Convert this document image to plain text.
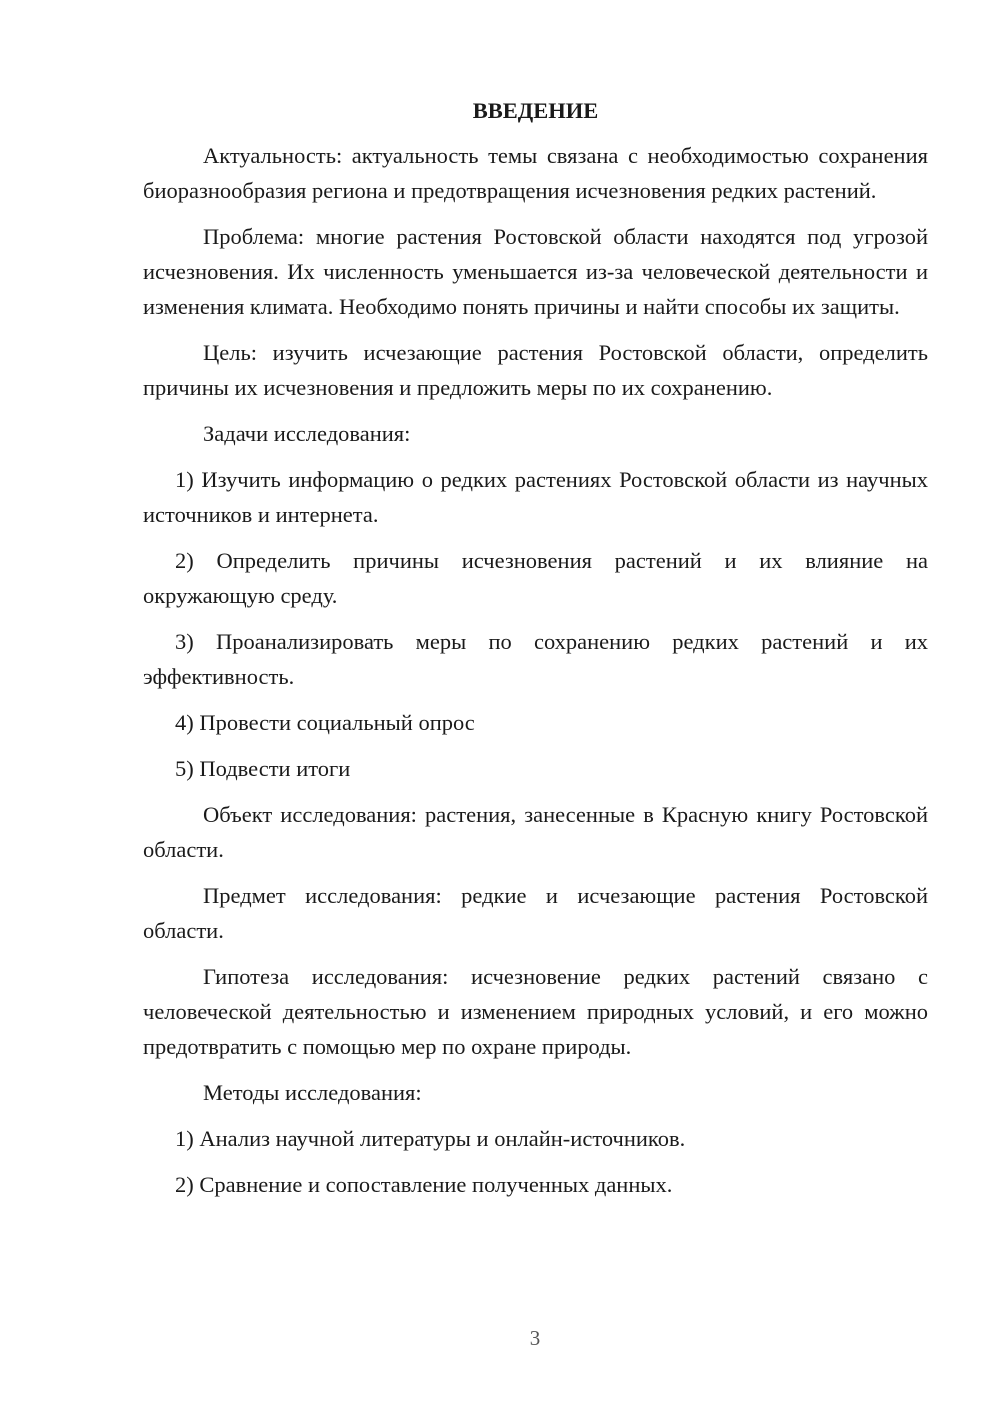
ВВЕДЕНИЕ

Актуальность: актуальность темы связана с необходимостью сохранения биоразнообразия региона и предотвращения исчезновения редких растений.

Проблема: многие растения Ростовской области находятся под угрозой исчезновения. Их численность уменьшается из-за человеческой деятельности и изменения климата. Необходимо понять причины и найти способы их защиты.

Цель: изучить исчезающие растения Ростовской области, определить причины их исчезновения и предложить меры по их сохранению.

Задачи исследования:

1) Изучить информацию о редких растениях Ростовской области из научных источников и интернета.

2) Определить причины исчезновения растений и их влияние на окружающую среду.

3) Проанализировать меры по сохранению редких растений и их эффективность.

4) Провести социальный опрос

5) Подвести итоги

Объект исследования: растения, занесенные в Красную книгу Ростовской области.

Предмет исследования: редкие и исчезающие растения Ростовской области.

Гипотеза исследования: исчезновение редких растений связано с человеческой деятельностью и изменением природных условий, и его можно предотвратить с помощью мер по охране природы.

Методы исследования:

1) Анализ научной литературы и онлайн-источников.

2) Сравнение и сопоставление полученных данных.

3
